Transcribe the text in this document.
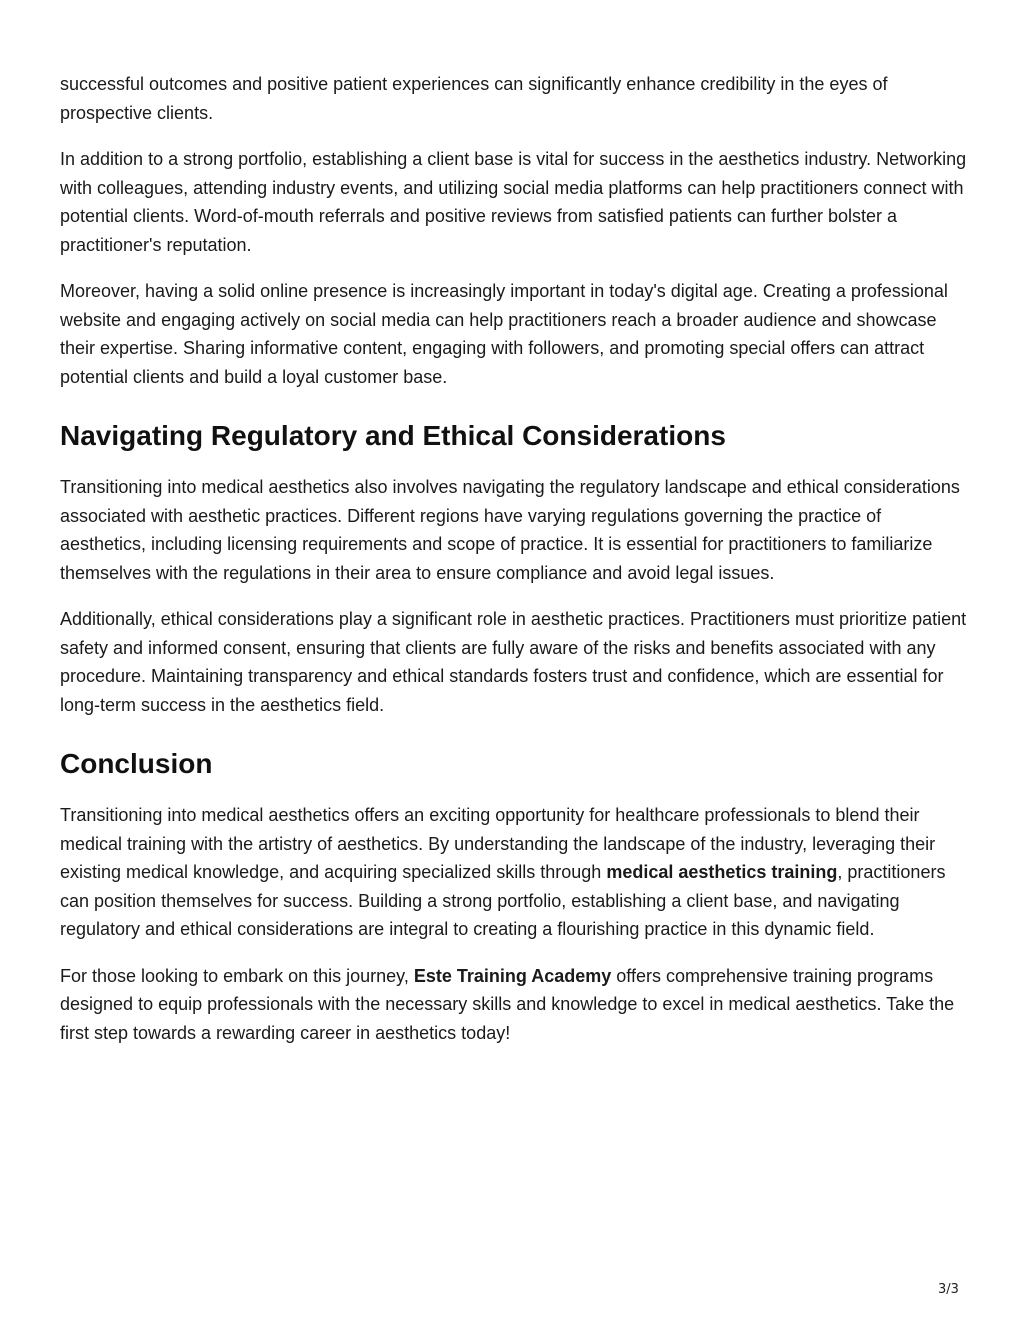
successful outcomes and positive patient experiences can significantly enhance credibility in the eyes of prospective clients.

In addition to a strong portfolio, establishing a client base is vital for success in the aesthetics industry. Networking with colleagues, attending industry events, and utilizing social media platforms can help practitioners connect with potential clients. Word-of-mouth referrals and positive reviews from satisfied patients can further bolster a practitioner's reputation.

Moreover, having a solid online presence is increasingly important in today's digital age. Creating a professional website and engaging actively on social media can help practitioners reach a broader audience and showcase their expertise. Sharing informative content, engaging with followers, and promoting special offers can attract potential clients and build a loyal customer base.

Navigating Regulatory and Ethical Considerations

Transitioning into medical aesthetics also involves navigating the regulatory landscape and ethical considerations associated with aesthetic practices. Different regions have varying regulations governing the practice of aesthetics, including licensing requirements and scope of practice. It is essential for practitioners to familiarize themselves with the regulations in their area to ensure compliance and avoid legal issues.

Additionally, ethical considerations play a significant role in aesthetic practices. Practitioners must prioritize patient safety and informed consent, ensuring that clients are fully aware of the risks and benefits associated with any procedure. Maintaining transparency and ethical standards fosters trust and confidence, which are essential for long-term success in the aesthetics field.

Conclusion

Transitioning into medical aesthetics offers an exciting opportunity for healthcare professionals to blend their medical training with the artistry of aesthetics. By understanding the landscape of the industry, leveraging their existing medical knowledge, and acquiring specialized skills through medical aesthetics training, practitioners can position themselves for success. Building a strong portfolio, establishing a client base, and navigating regulatory and ethical considerations are integral to creating a flourishing practice in this dynamic field.

For those looking to embark on this journey, Este Training Academy offers comprehensive training programs designed to equip professionals with the necessary skills and knowledge to excel in medical aesthetics. Take the first step towards a rewarding career in aesthetics today!

3/3
